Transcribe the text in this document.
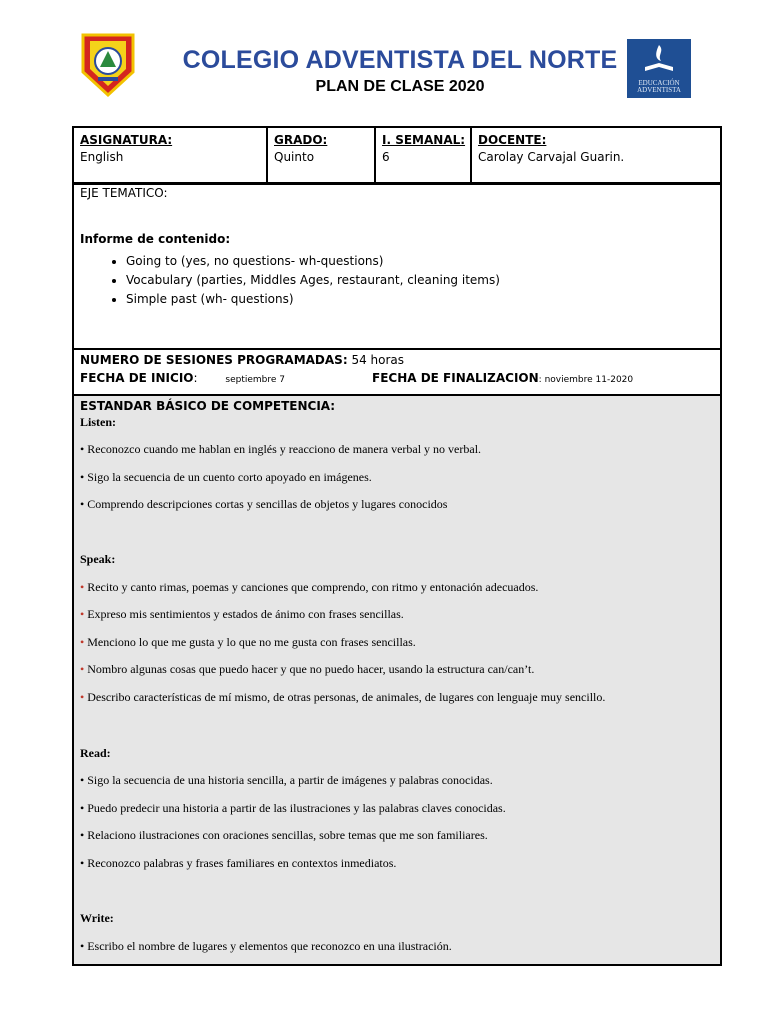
COLEGIO ADVENTISTA DEL NORTE
PLAN DE CLASE 2020	EDUCACIÓN ADVENTISTA
ASIGNATURA:
English
GRADO:
Quinto
I. SEMANAL:
6
DOCENTE:
Carolay Carvajal Guarin.
EJE TEMATICO:
Informe de contenido:
• Going to (yes, no questions- wh-questions)
• Vocabulary (parties, Middles Ages, restaurant, cleaning items)
• Simple past (wh- questions)
NUMERO DE SESIONES PROGRAMADAS: 54 horas
FECHA DE INICIO:	septiembre 7	FECHA DE FINALIZACION: noviembre 11-2020
ESTANDAR BÁSICO DE COMPETENCIA:
Listen:
• Reconozco cuando me hablan en inglés y reacciono de manera verbal y no verbal.
• Sigo la secuencia de un cuento corto apoyado en imágenes.
• Comprendo descripciones cortas y sencillas de objetos y lugares conocidos
Speak:
• Recito y canto rimas, poemas y canciones que comprendo, con ritmo y entonación adecuados.
• Expreso mis sentimientos y estados de ánimo con frases sencillas.
• Menciono lo que me gusta y lo que no me gusta con frases sencillas.
• Nombro algunas cosas que puedo hacer y que no puedo hacer, usando la estructura can/can’t.
• Describo características de mí mismo, de otras personas, de animales, de lugares con lenguaje muy sencillo.
Read:
• Sigo la secuencia de una historia sencilla, a partir de imágenes y palabras conocidas.
• Puedo predecir una historia a partir de las ilustraciones y las palabras claves conocidas.
• Relaciono ilustraciones con oraciones sencillas, sobre temas que me son familiares.
• Reconozco palabras y frases familiares en contextos inmediatos.
Write:
• Escribo el nombre de lugares y elementos que reconozco en una ilustración.
